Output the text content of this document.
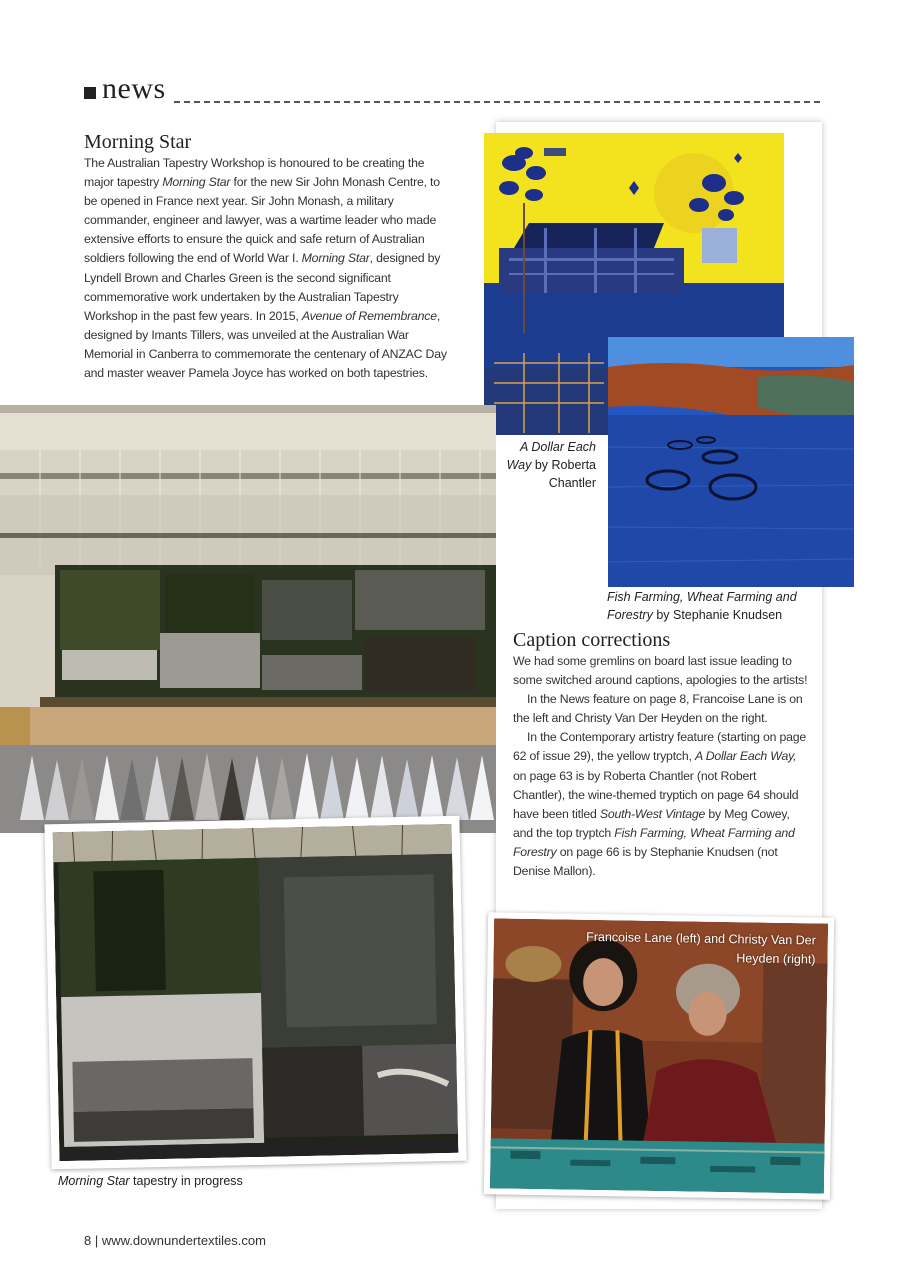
news
Morning Star
The Australian Tapestry Workshop is honoured to be creating the major tapestry Morning Star for the new Sir John Monash Centre, to be opened in France next year. Sir John Monash, a military commander, engineer and lawyer, was a wartime leader who made extensive efforts to ensure the quick and safe return of Australian soldiers following the end of World War I. Morning Star, designed by Lyndell Brown and Charles Green is the second significant commemorative work undertaken by the Australian Tapestry Workshop in the past few years. In 2015, Avenue of Remembrance, designed by Imants Tillers, was unveiled at the Australian War Memorial in Canberra to commemorate the centenary of ANZAC Day and master weaver Pamela Joyce has worked on both tapestries.
A Dollar Each Way by Roberta Chantler
Fish Farming, Wheat Farming and Forestry by Stephanie Knudsen
Caption corrections

We had some gremlins on board last issue leading to some switched around captions, apologies to the artists!

In the News feature on page 8, Francoise Lane is on the left and Christy Van Der Heyden on the right.

In the Contemporary artistry feature (starting on page 62 of issue 29), the yellow tryptch, A Dollar Each Way, on page 63 is by Roberta Chantler (not Robert Chantler), the wine-themed tryptich on page 64 should have been titled South-West Vintage by Meg Cowey, and the top tryptch Fish Farming, Wheat Farming and Forestry on page 66 is by Stephanie Knudsen (not Denise Mallon).

Francoise Lane (left) and Christy Van Der Heyden (right)
Morning Star tapestry in progress
8 | www.downundertextiles.com
